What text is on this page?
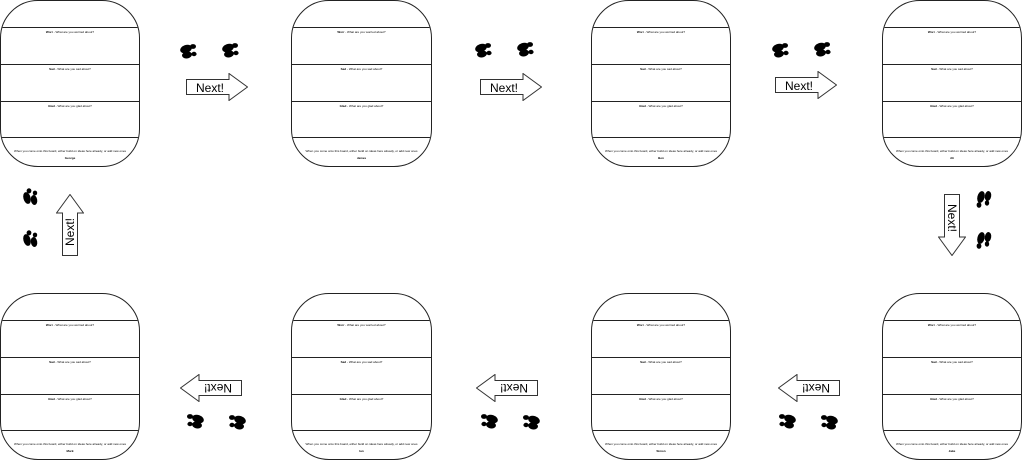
Worr - What are you worried about?
Sad - What are you sad about?
Glad - What are you glad about?
When you come onto this board, either build on ideas here already, or add new ones
George
Worr - What are you worried about?
Sad - What are you sad about?
Glad - What are you glad about?
When you come onto this board, either build on ideas here already, or add new ones
James
Worr - What are you worried about?
Sad - What are you sad about?
Glad - What are you glad about?
When you come onto this board, either build on ideas here already, or add new ones
Ben
Worr - What are you worried about?
Sad - What are you sad about?
Glad - What are you glad about?
When you come onto this board, either build on ideas here already, or add new ones
Ali
Worr - What are you worried about?
Sad - What are you sad about?
Glad - What are you glad about?
When you come onto this board, either build on ideas here already, or add new ones
Mark
Worr - What are you worried about?
Sad - What are you sad about?
Glad - What are you glad about?
When you come onto this board, either build on ideas here already, or add new ones
Ian
Worr - What are you worried about?
Sad - What are you sad about?
Glad - What are you glad about?
When you come onto this board, either build on ideas here already, or add new ones
Simon
Worr - What are you worried about?
Sad - What are you sad about?
Glad - What are you glad about?
When you come onto this board, either build on ideas here already, or add new ones
Jake
Next!	Next!	Next!
Next!
Next!	Next!	Next!
Next!
